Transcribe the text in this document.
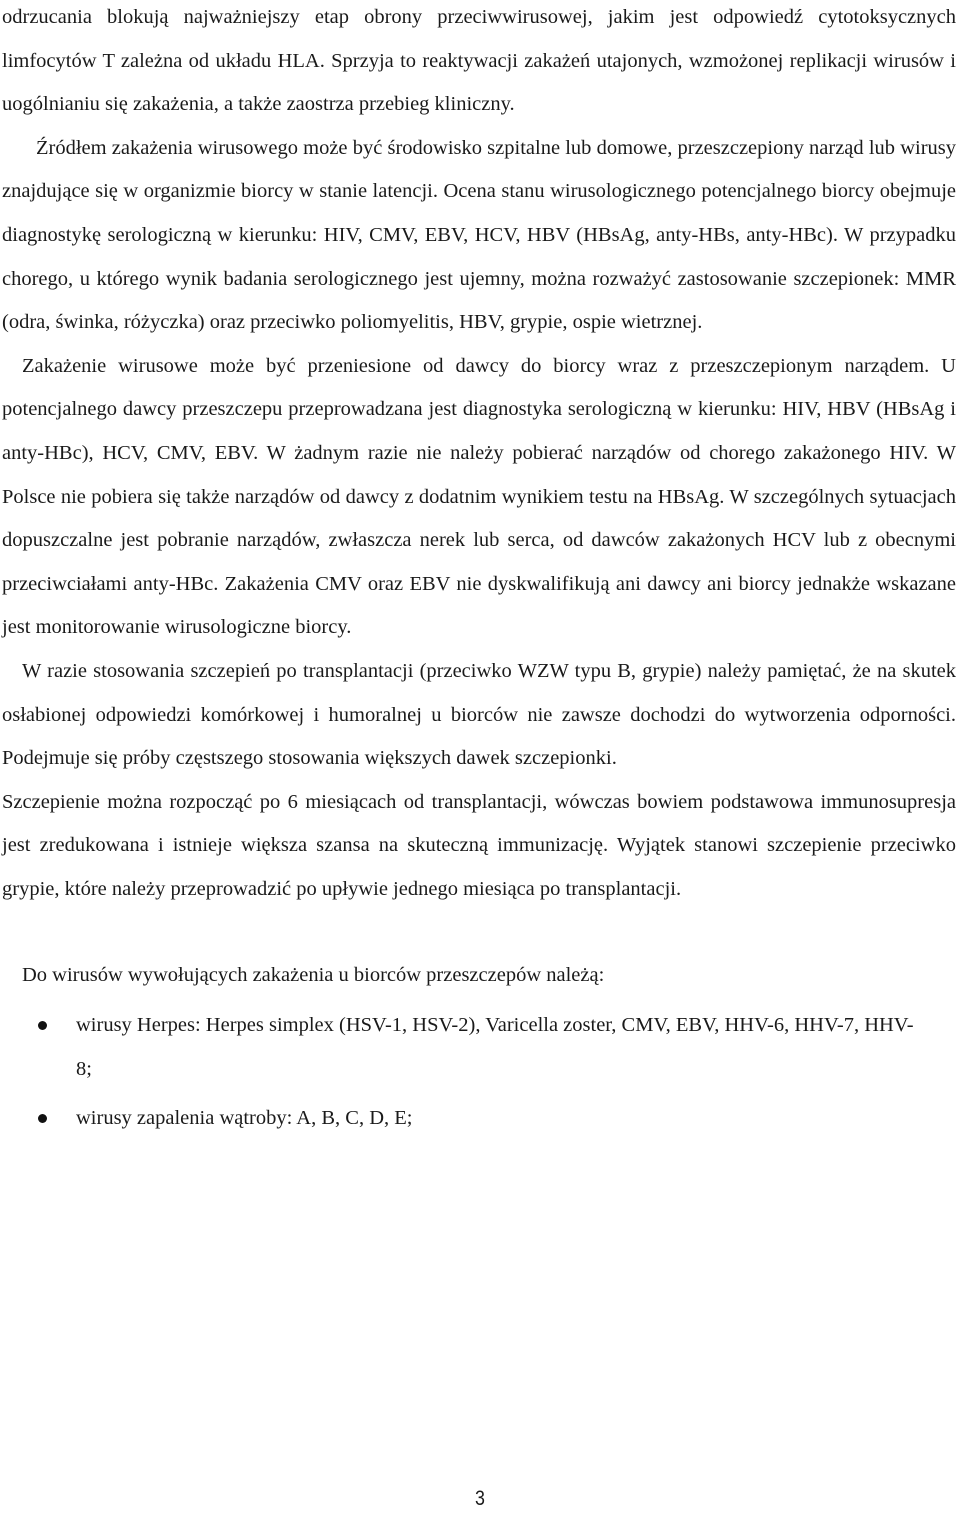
odrzucania blokują najważniejszy etap obrony przeciwwirusowej, jakim jest odpowiedź cytotoksycznych limfocytów T zależna od układu HLA. Sprzyja to reaktywacji zakażeń utajonych, wzmożonej replikacji wirusów i uogólnianiu się zakażenia, a także zaostrza przebieg kliniczny.

Źródłem zakażenia wirusowego może być środowisko szpitalne lub domowe, przeszczepiony narząd lub wirusy znajdujące się w organizmie biorcy w stanie latencji. Ocena stanu wirusologicznego potencjalnego biorcy obejmuje diagnostykę serologiczną w kierunku: HIV, CMV, EBV, HCV, HBV (HBsAg, anty-HBs, anty-HBc). W przypadku chorego, u którego wynik badania serologicznego jest ujemny, można rozważyć zastosowanie szczepionek: MMR (odra, świnka, różyczka) oraz przeciwko poliomyelitis, HBV, grypie, ospie wietrznej.

Zakażenie wirusowe może być przeniesione od dawcy do biorcy wraz z przeszczepionym narządem. U potencjalnego dawcy przeszczepu przeprowadzana jest diagnostyka serologiczną w kierunku: HIV, HBV (HBsAg i anty-HBc), HCV, CMV, EBV. W żadnym razie nie należy pobierać narządów od chorego zakażonego HIV. W Polsce nie pobiera się także narządów od dawcy z dodatnim wynikiem testu na HBsAg. W szczególnych sytuacjach dopuszczalne jest pobranie narządów, zwłaszcza nerek lub serca, od dawców zakażonych HCV lub z obecnymi przeciwciałami anty-HBc. Zakażenia CMV oraz EBV nie dyskwalifikują ani dawcy ani biorcy jednakże wskazane jest monitorowanie wirusologiczne biorcy.

W razie stosowania szczepień po transplantacji (przeciwko WZW typu B, grypie) należy pamiętać, że na skutek osłabionej odpowiedzi komórkowej i humoralnej u biorców nie zawsze dochodzi do wytworzenia odporności. Podejmuje się próby częstszego stosowania większych dawek szczepionki.

Szczepienie można rozpocząć po 6 miesiącach od transplantacji, wówczas bowiem podstawowa immunosupresja jest zredukowana i istnieje większa szansa na skuteczną immunizację. Wyjątek stanowi szczepienie przeciwko grypie, które należy przeprowadzić po upływie jednego miesiąca po transplantacji.

Do wirusów wywołujących zakażenia u biorców przeszczepów należą:

wirusy Herpes: Herpes simplex (HSV-1, HSV-2), Varicella zoster, CMV, EBV, HHV-6, HHV-7, HHV-8;
wirusy zapalenia wątroby: A, B, C, D, E;
3
